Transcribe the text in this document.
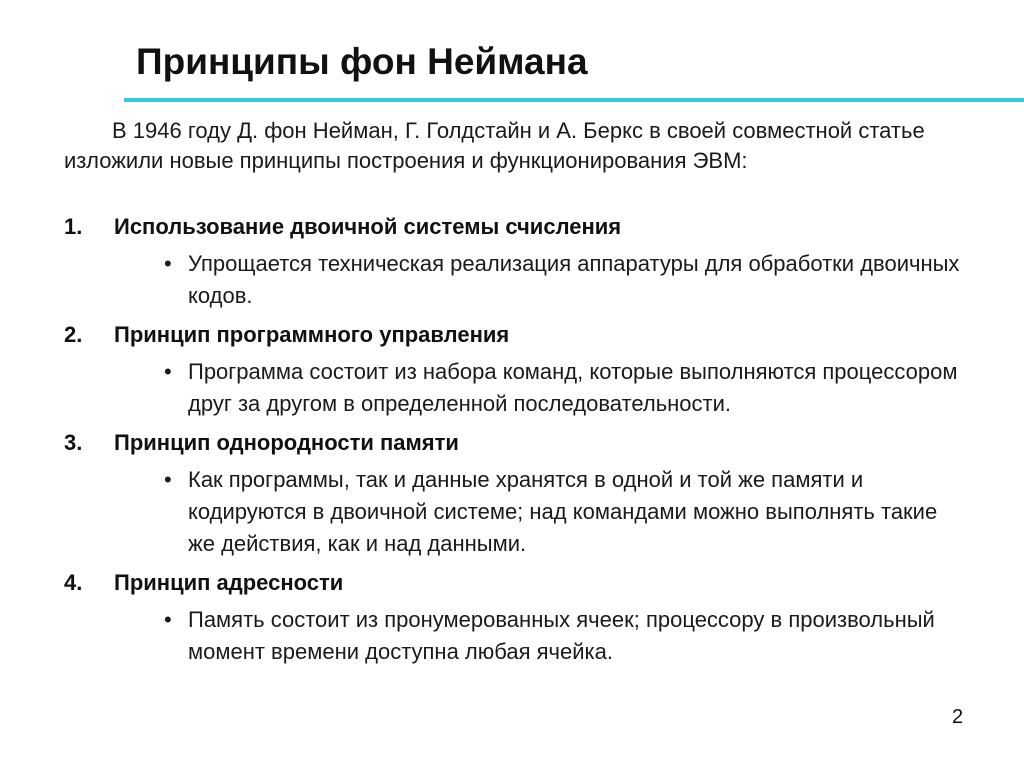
Принципы фон Неймана
В 1946 году Д. фон Нейман, Г. Голдстайн и А. Беркс в своей совместной статье изложили новые принципы построения и функционирования ЭВМ:
1.	Использование двоичной системы счисления
• Упрощается техническая реализация аппаратуры для обработки двоичных кодов.
2.	Принцип программного управления
• Программа состоит из набора команд, которые выполняются процессором друг за другом в определенной последовательности.
3.	Принцип однородности памяти
• Как программы, так и данные хранятся в одной и той же памяти и кодируются в двоичной системе; над командами можно выполнять такие же действия, как и над данными.
4.	Принцип адресности
• Память состоит из пронумерованных ячеек; процессору в произвольный момент времени доступна любая ячейка.
2
